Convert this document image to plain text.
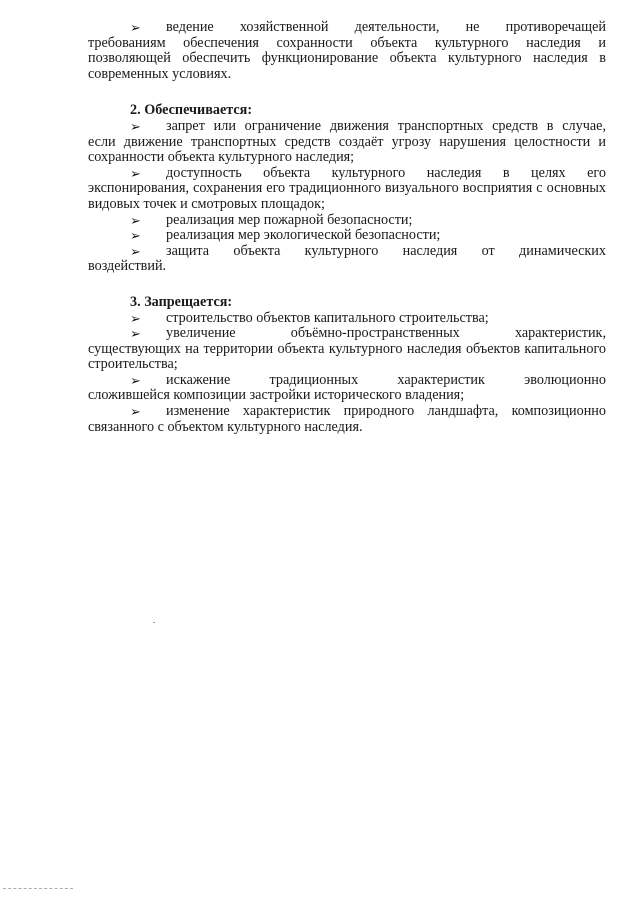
➢	ведение хозяйственной деятельности, не противоречащей
требованиям обеспечения сохранности объекта культурного наследия и позволяющей обеспечить функционирование объекта культурного наследия в современных условиях.

2. Обеспечивается:

➢	запрет или ограничение движения транспортных средств в случае,
если движение транспортных средств создаёт угрозу нарушения целостности и сохранности объекта культурного наследия;
➢	доступность объекта культурного наследия в целях его
экспонирования, сохранения его традиционного визуального восприятия с основных видовых точек и смотровых площадок;
➢	реализация мер пожарной безопасности;
➢	реализация мер экологической безопасности;
➢	защита объекта культурного наследия от динамических
воздействий.

3. Запрещается:

➢	строительство объектов капитального строительства;
➢	увеличение объёмно-пространственных характеристик,
существующих на территории объекта культурного наследия объектов капитального строительства;
➢	искажение традиционных характеристик эволюционно
сложившейся композиции застройки исторического владения;
➢	изменение характеристик природного ландшафта, композиционно
связанного с объектом культурного наследия.
